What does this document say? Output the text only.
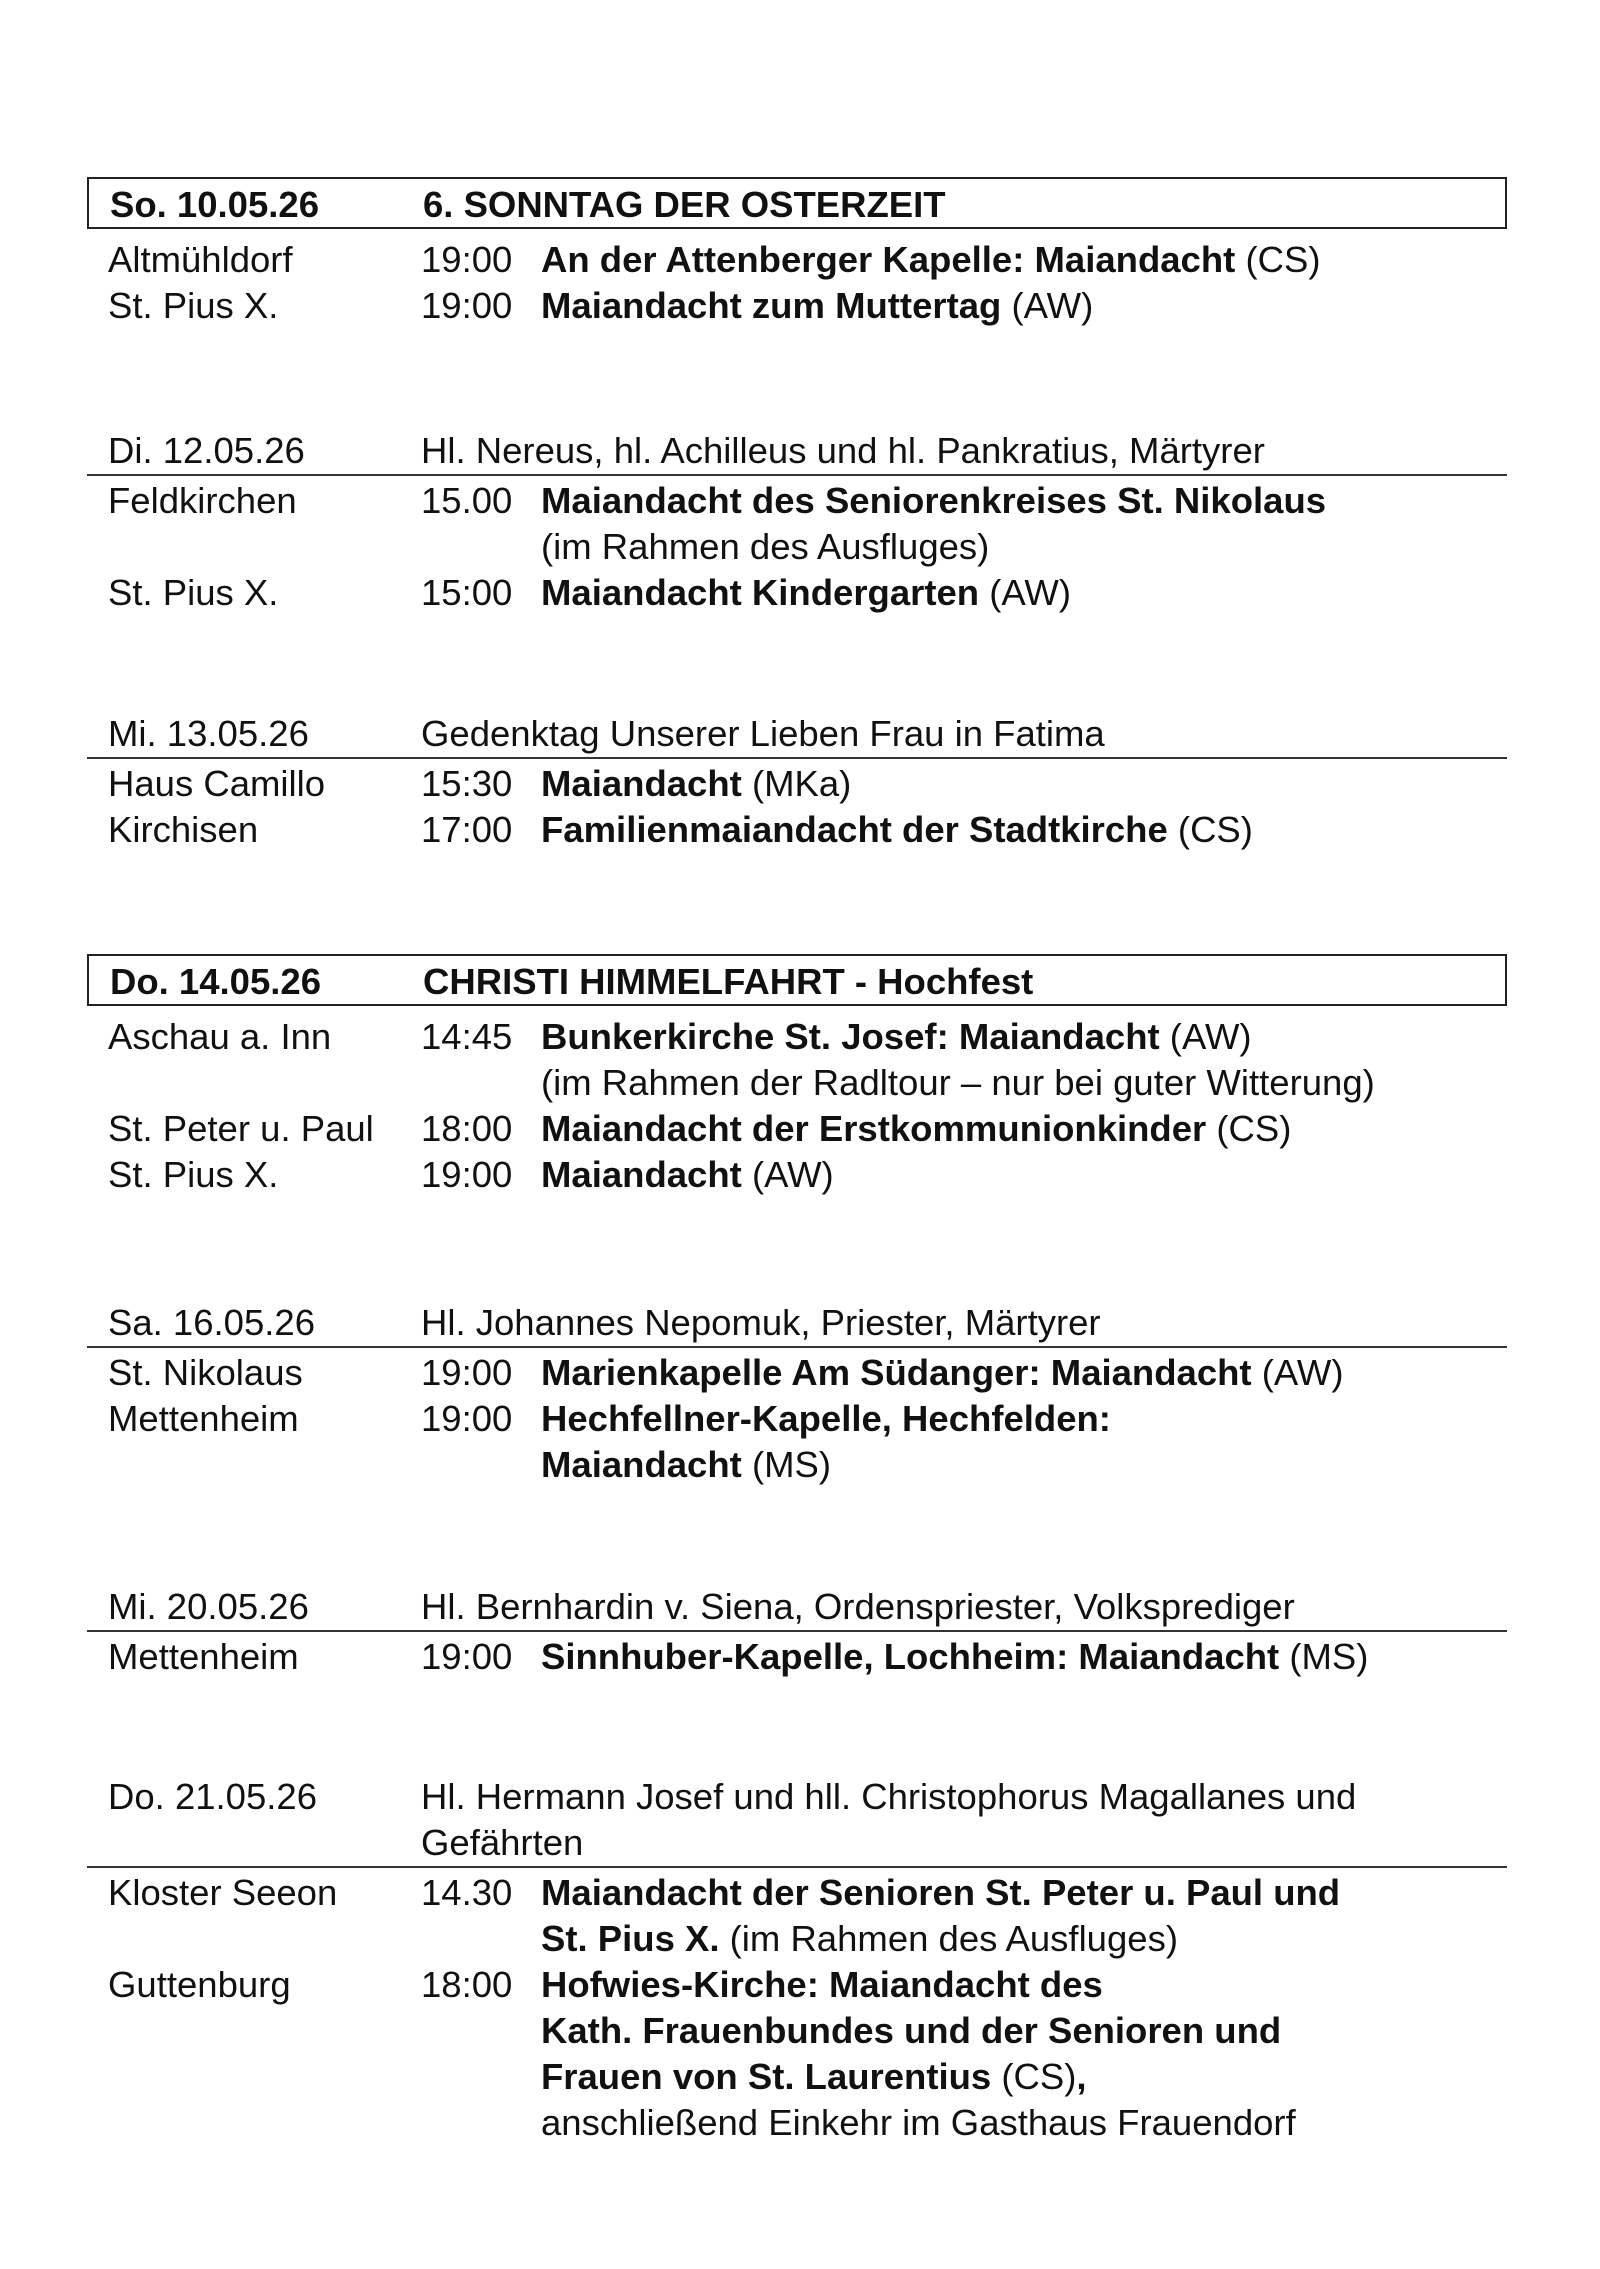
So. 10.05.26	6. SONNTAG DER OSTERZEIT
Altmühldorf	19:00 An der Attenberger Kapelle: Maiandacht (CS)
St. Pius X.	19:00 Maiandacht zum Muttertag (AW)
Di. 12.05.26	Hl. Nereus, hl. Achilleus und hl. Pankratius, Märtyrer
Feldkirchen	15.00 Maiandacht des Seniorenkreises St. Nikolaus
(im Rahmen des Ausfluges)
St. Pius X.	15:00 Maiandacht Kindergarten (AW)
Mi. 13.05.26	Gedenktag Unserer Lieben Frau in Fatima
Haus Camillo	15:30 Maiandacht (MKa)
Kirchisen	17:00 Familienmaiandacht der Stadtkirche (CS)
Do. 14.05.26	CHRISTI HIMMELFAHRT - Hochfest
Aschau a. Inn 14:45 Bunkerkirche St. Josef: Maiandacht (AW)
(im Rahmen der Radltour – nur bei guter Witterung)
St. Peter u. Paul 18:00 Maiandacht der Erstkommunionkinder (CS)
St. Pius X.	19:00 Maiandacht (AW)
Sa. 16.05.26	Hl. Johannes Nepomuk, Priester, Märtyrer
St. Nikolaus	19:00 Marienkapelle Am Südanger: Maiandacht (AW)
Mettenheim	19:00 Hechfellner-Kapelle, Hechfelden:
Maiandacht (MS)
Mi. 20.05.26	Hl. Bernhardin v. Siena, Ordenspriester, Volksprediger
Mettenheim	19:00 Sinnhuber-Kapelle, Lochheim: Maiandacht (MS)
Do. 21.05.26	Hl. Hermann Josef und hll. Christophorus Magallanes und Gefährten
Kloster Seeon 14.30 Maiandacht der Senioren St. Peter u. Paul und
St. Pius X. (im Rahmen des Ausfluges)
Guttenburg	18:00 Hofwies-Kirche: Maiandacht des
Kath. Frauenbundes und der Senioren und
Frauen von St. Laurentius (CS),
anschließend Einkehr im Gasthaus Frauendorf
